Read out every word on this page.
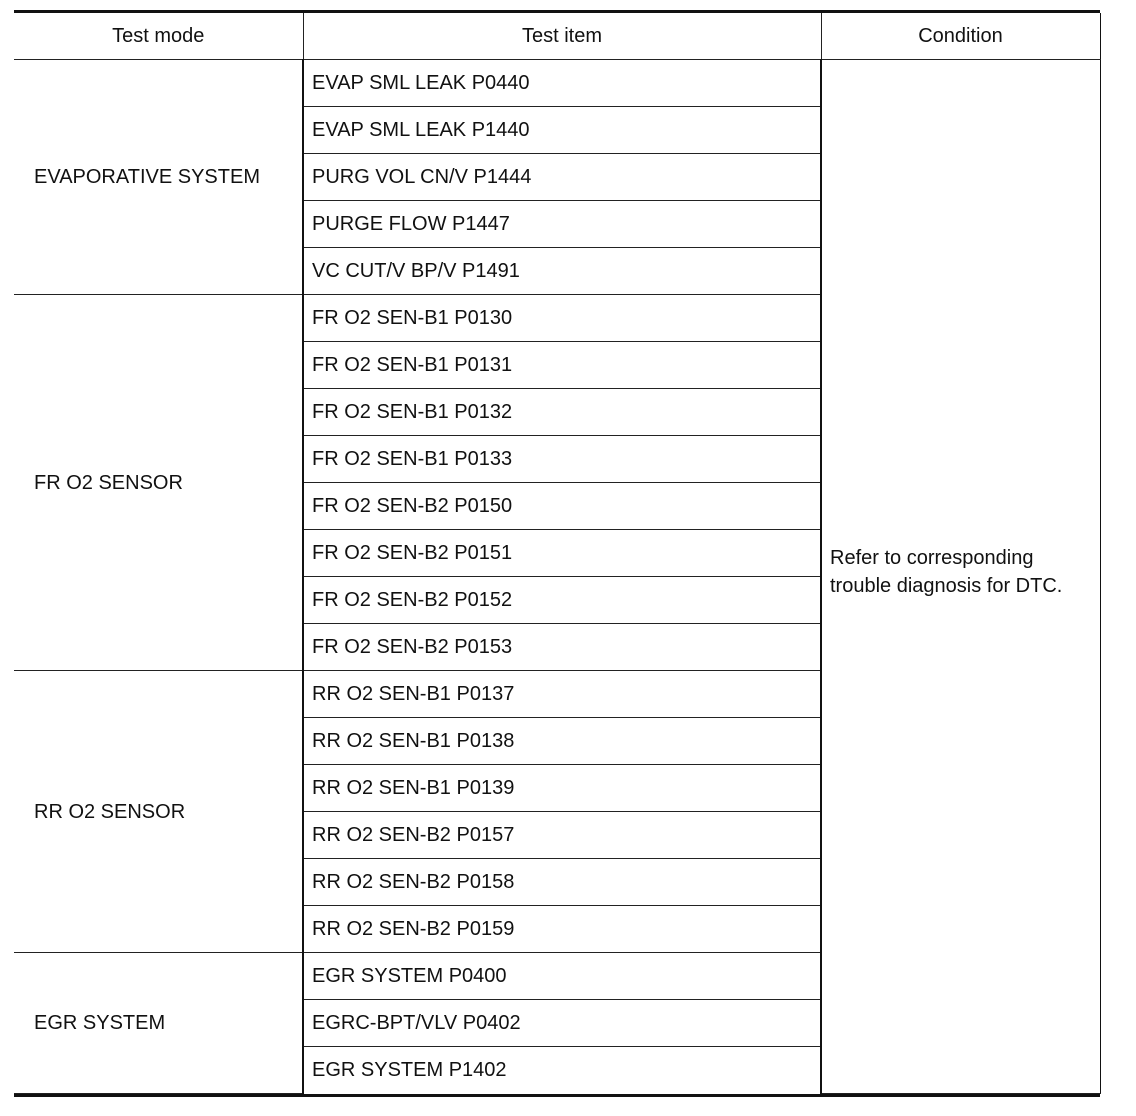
Test mode	Test item	Condition
EVAPORATIVE SYSTEM	EVAP SML LEAK P0440	Refer to corresponding trouble diagnosis for DTC.

	EVAP SML LEAK P1440	
	PURG VOL CN/V P1444	
	PURGE FLOW P1447	
	VC CUT/V BP/V P1491	
FR O2 SENSOR	FR O2 SEN-B1 P0130	
	FR O2 SEN-B1 P0131	
	FR O2 SEN-B1 P0132	
	FR O2 SEN-B1 P0133	
	FR O2 SEN-B2 P0150	
	FR O2 SEN-B2 P0151	
	FR O2 SEN-B2 P0152	
	FR O2 SEN-B2 P0153	
RR O2 SENSOR	RR O2 SEN-B1 P0137	
	RR O2 SEN-B1 P0138	
	RR O2 SEN-B1 P0139	
	RR O2 SEN-B2 P0157	
	RR O2 SEN-B2 P0158	
	RR O2 SEN-B2 P0159	
EGR SYSTEM	EGR SYSTEM P0400	
	EGRC-BPT/VLV P0402	
	EGR SYSTEM P1402	
